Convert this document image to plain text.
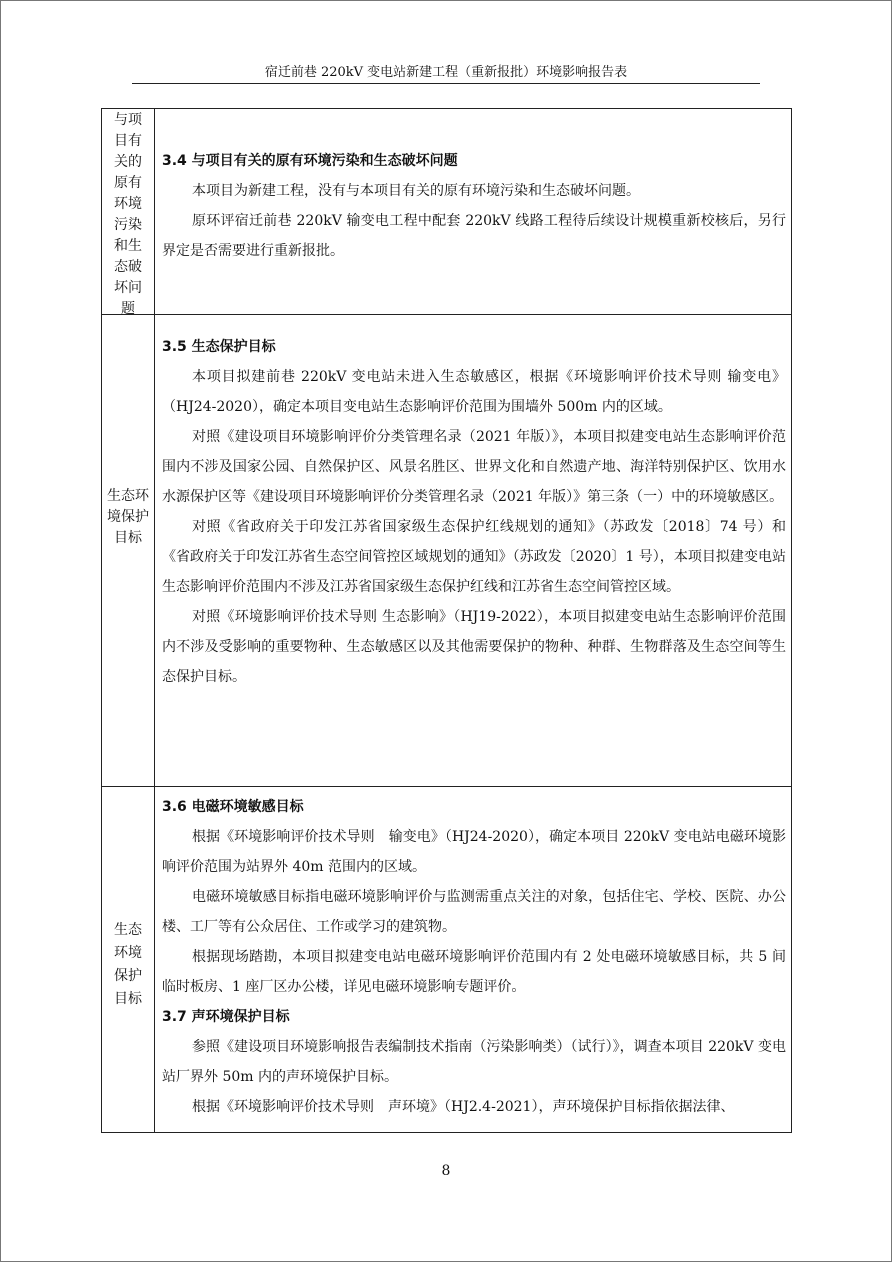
宿迁前巷 220kV 变电站新建工程（重新报批）环境影响报告表
与项
目有
关的
原有
环境
污染
和生
态破
坏问
题
3.4 与项目有关的原有环境污染和生态破坏问题

本项目为新建工程，没有与本项目有关的原有环境污染和生态破坏问题。

原环评宿迁前巷 220kV 输变电工程中配套 220kV 线路工程待后续设计规模重新校核后，另行界定是否需要进行重新报批。

生态环
境保护
目标
3.5 生态保护目标

本项目拟建前巷 220kV 变电站未进入生态敏感区，根据《环境影响评价技术导则 输变电》（HJ24-2020），确定本项目变电站生态影响评价范围为围墙外 500m 内的区域。

对照《建设项目环境影响评价分类管理名录（2021 年版）》，本项目拟建变电站生态影响评价范围内不涉及国家公园、自然保护区、风景名胜区、世界文化和自然遗产地、海洋特别保护区、饮用水水源保护区等《建设项目环境影响评价分类管理名录（2021 年版）》第三条（一）中的环境敏感区。

对照《省政府关于印发江苏省国家级生态保护红线规划的通知》（苏政发〔2018〕74 号）和《省政府关于印发江苏省生态空间管控区域规划的通知》（苏政发〔2020〕1 号），本项目拟建变电站生态影响评价范围内不涉及江苏省国家级生态保护红线和江苏省生态空间管控区域。

对照《环境影响评价技术导则 生态影响》（HJ19-2022），本项目拟建变电站生态影响评价范围内不涉及受影响的重要物种、生态敏感区以及其他需要保护的物种、种群、生物群落及生态空间等生态保护目标。

生态
环境
保护
目标
3.6 电磁环境敏感目标

根据《环境影响评价技术导则　输变电》（HJ24-2020），确定本项目 220kV 变电站电磁环境影响评价范围为站界外 40m 范围内的区域。

电磁环境敏感目标指电磁环境影响评价与监测需重点关注的对象，包括住宅、学校、医院、办公楼、工厂等有公众居住、工作或学习的建筑物。

根据现场踏勘，本项目拟建变电站电磁环境影响评价范围内有 2 处电磁环境敏感目标，共 5 间临时板房、1 座厂区办公楼，详见电磁环境影响专题评价。

3.7 声环境保护目标

参照《建设项目环境影响报告表编制技术指南（污染影响类）（试行）》，调查本项目 220kV 变电站厂界外 50m 内的声环境保护目标。

根据《环境影响评价技术导则　声环境》（HJ2.4-2021），声环境保护目标指依据法律、

8
